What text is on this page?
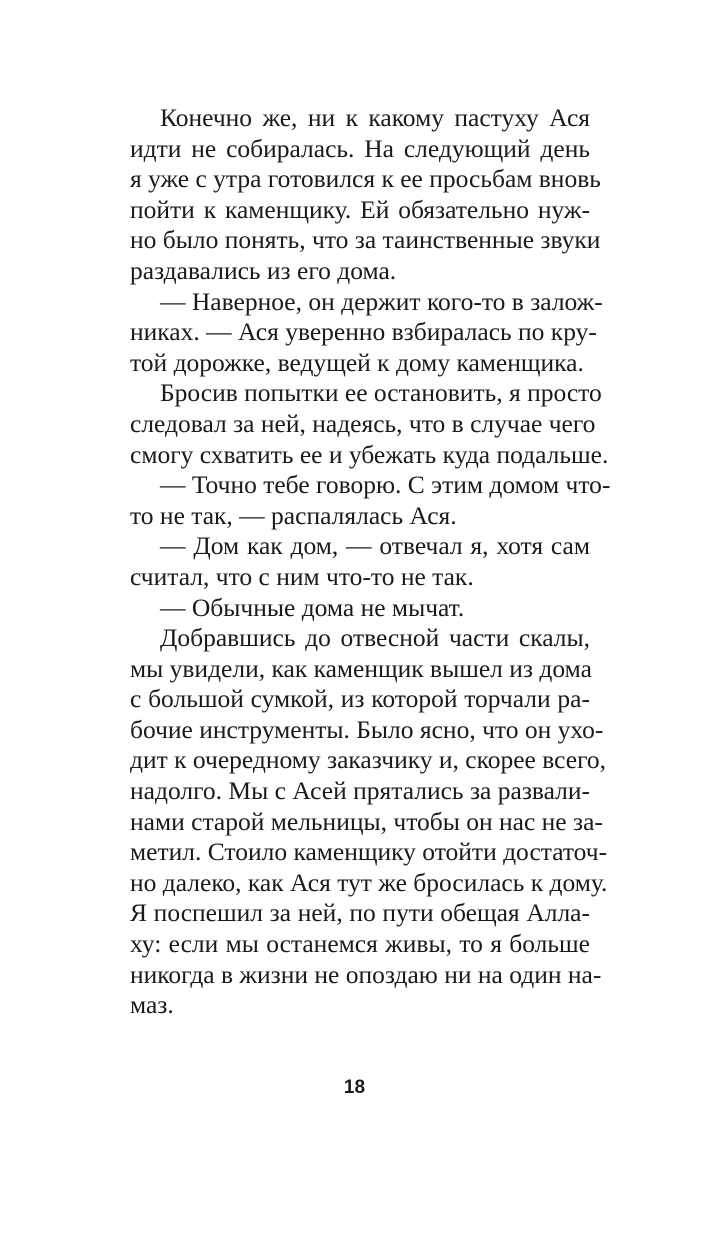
Конечно же, ни к какому пастуху Ася
идти не собиралась. На следующий день
я уже с утра готовился к ее просьбам вновь
пойти к каменщику. Ей обязательно нуж-
но было понять, что за таинственные звуки
раздавались из его дома.
— Наверное, он держит кого-то в залож-
никах. — Ася уверенно взбиралась по кру-
той дорожке, ведущей к дому каменщика.
Бросив попытки ее остановить, я просто
следовал за ней, надеясь, что в случае чего
смогу схватить ее и убежать куда подальше.
— Точно тебе говорю. С этим домом что-
то не так, — распалялась Ася.
— Дом как дом, — отвечал я, хотя сам
считал, что с ним что-то не так.
— Обычные дома не мычат.
Добравшись до отвесной части скалы,
мы увидели, как каменщик вышел из дома
с большой сумкой, из которой торчали ра-
бочие инструменты. Было ясно, что он ухо-
дит к очередному заказчику и, скорее всего,
надолго. Мы с Асей прятались за развали-
нами старой мельницы, чтобы он нас не за-
метил. Стоило каменщику отойти достаточ-
но далеко, как Ася тут же бросилась к дому.
Я поспешил за ней, по пути обещая Алла-
ху: если мы останемся живы, то я больше
никогда в жизни не опоздаю ни на один на-
маз.
18
